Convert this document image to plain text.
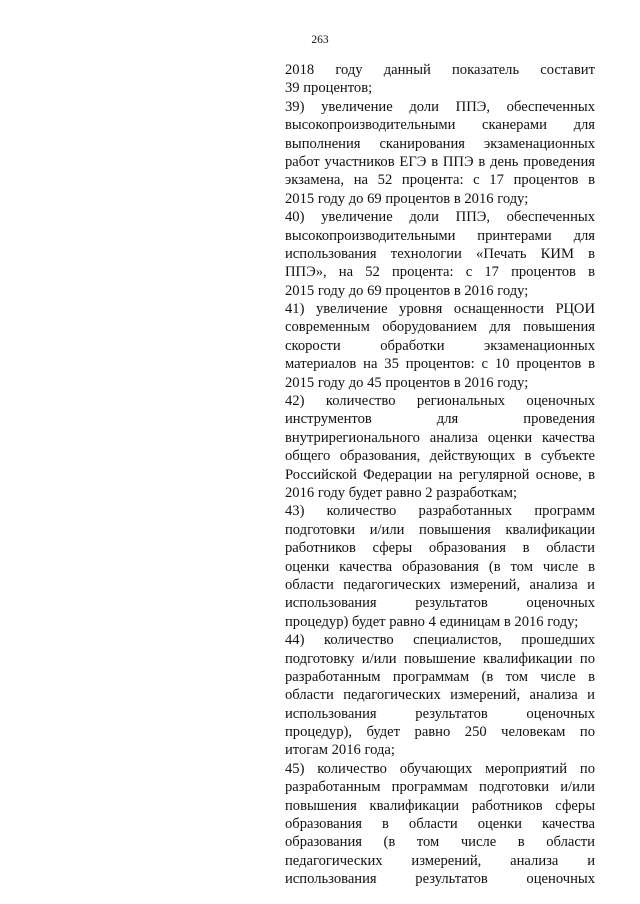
263
2018 году данный показатель составит
39 процентов;
39) увеличение доли ППЭ, обеспеченных
высокопроизводительными сканерами для
выполнения сканирования экзаменационных
работ участников ЕГЭ в ППЭ в день проведения
экзамена, на 52 процента: с 17 процентов в
2015 году до 69 процентов в 2016 году;
40) увеличение доли ППЭ, обеспеченных
высокопроизводительными принтерами для
использования технологии «Печать КИМ в
ППЭ», на 52 процента: с 17 процентов в
2015 году до 69 процентов в 2016 году;
41) увеличение уровня оснащенности РЦОИ
современным оборудованием для повышения
скорости обработки экзаменационных
материалов на 35 процентов: с 10 процентов в
2015 году до 45 процентов в 2016 году;
42) количество региональных оценочных
инструментов для проведения
внутрирегионального анализа оценки качества
общего образования, действующих в субъекте
Российской Федерации на регулярной основе, в
2016 году будет равно 2 разработкам;
43) количество разработанных программ
подготовки и/или повышения квалификации
работников сферы образования в области
оценки качества образования (в том числе в
области педагогических измерений, анализа и
использования результатов оценочных
процедур) будет равно 4 единицам в 2016 году;
44) количество специалистов, прошедших
подготовку и/или повышение квалификации по
разработанным программам (в том числе в
области педагогических измерений, анализа и
использования результатов оценочных
процедур), будет равно 250 человекам по
итогам 2016 года;
45) количество обучающих мероприятий по
разработанным программам подготовки и/или
повышения квалификации работников сферы
образования в области оценки качества
образования (в том числе в области
педагогических измерений, анализа и
использования результатов оценочных
